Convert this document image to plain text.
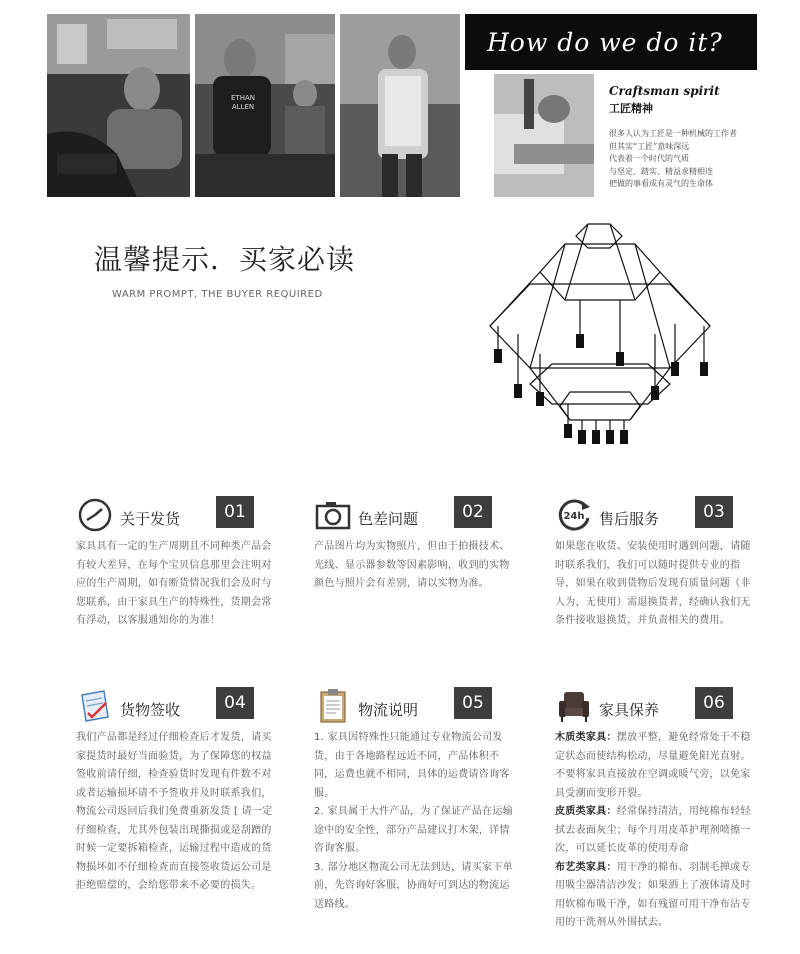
ETHAN ALLEN
How do we do it?
Craftsman spirit
工匠精神
很多人认为工匠是一种机械的工作者
但其实“工匠”意味深远
代表着一个时代的气质
与坚定、踏实、精益求精相连
把做的事看成有灵气的生命体
温馨提示．买家必读
WARM PROMPT, THE BUYER REQUIRED
关于发货	01
家具具有一定的生产周期且不同种类产品会有较大差异，在每个宝贝信息那里会注明对应的生产周期，如有断货情况我们会及时与您联系，由于家具生产的特殊性，货期会常有浮动，以客服通知你的为准！
色差问题	02
产品图片均为实物照片，但由于拍摄技术、光线、显示器参数等因素影响，收到的实物颜色与照片会有差别，请以实物为准。
24h 售后服务	03
如果您在收货、安装使用时遇到问题，请随时联系我们，我们可以随时提供专业的指导，如果在收到货物后发现有质量问题（非人为，无使用）需退换货者，经确认我们无条件接收退换货，并负责相关的费用。
货物签收	04
我们产品都是经过仔细检查后才发货，请买家提货时最好当面验货，为了保障您的权益签收前请仔细，检查验货时发现有件数不对或者运输损坏请不予签收并及时联系我们，物流公司返回后我们免费重新发货 [ 请一定仔细检查，尤其外包装出现撕损或是刮蹭的时候一定要拆箱检查，运输过程中造成的货物损坏如不仔细检查而直接签收货运公司是拒绝赔偿的，会给您带来不必要的损失。
物流说明	05

1. 家具因特殊性只能通过专业物流公司发货，由于各地路程远近不同，产品体积不同，运费也就不相同，具体的运费请咨询客服。

2. 家具属于大件产品，为了保证产品在运输途中的安全性，部分产品建议打木架，详情咨询客服。

3. 部分地区物流公司无法到达，请买家下单前，先咨询好客服，协商好可到达的物流运送路线。

家具保养	06

木质类家具：摆放平整，避免经常处于不稳定状态而使结构松动，尽量避免阳光直射。不要将家具直接放在空调或暖气旁，以免家具受潮而变形开裂。

皮质类家具：经常保持清洁，用纯棉布轻轻拭去表面灰尘；每个月用皮革护理剂喷擦一次，可以延长皮革的使用寿命

布艺类家具：用干净的棉布、羽制毛掸或专用吸尘器清洁沙发；如果洒上了液体请及时用软棉布吸干净，如有残留可用干净布沾专用的干洗剂从外围拭去。
